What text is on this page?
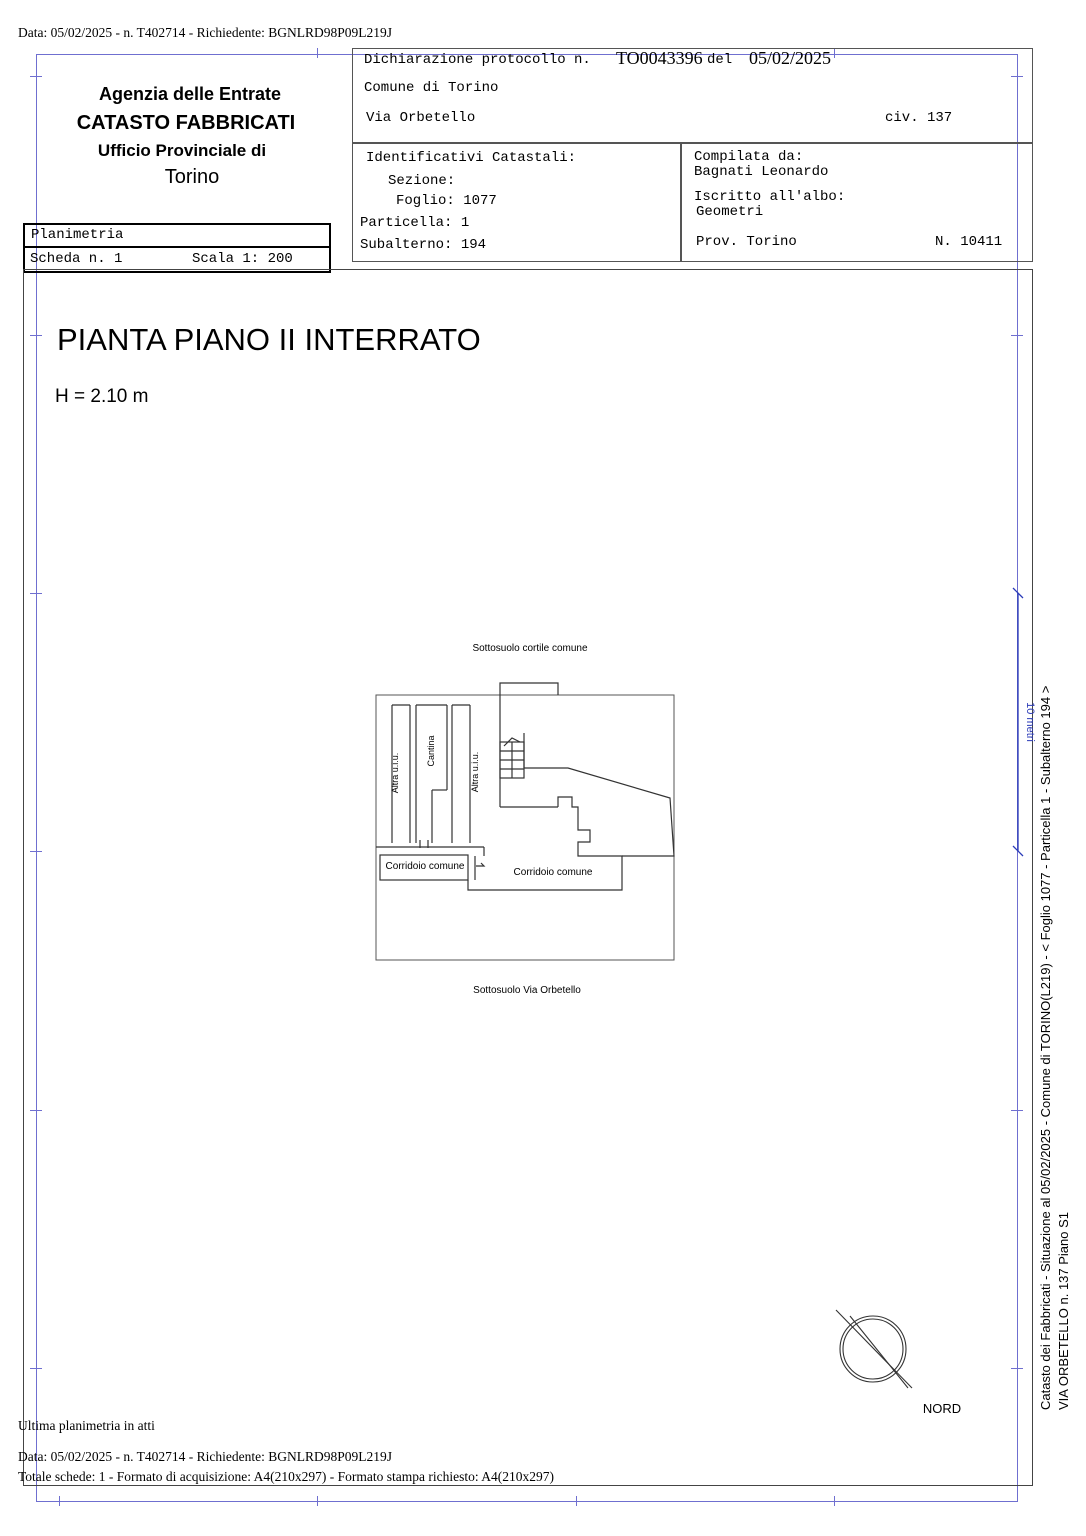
Data: 05/02/2025 - n. T402714 - Richiedente: BGNLRD98P09L219J
Agenzia delle Entrate
CATASTO FABBRICATI
Ufficio Provinciale di
Torino
Planimetria
Scheda n. 1	Scala 1: 200
Dichiarazione protocollo n. TO0043396 del 05/02/2025
Comune di Torino
Via Orbetello	civ. 137
Identificativi Catastali:
Sezione:
Foglio: 1077
Particella: 1
Subalterno: 194
Compilata da:
Bagnati Leonardo
Iscritto all'albo:
Geometri
Prov. Torino	N. 10411
PIANTA PIANO II INTERRATO
H = 2.10 m
Sottosuolo cortile comune
Sottosuolo Via Orbetello
Altra u.i.u.
Cantina
Altra u.i.u.
Corridoio comune
Corridoio comune
10 metri
NORD	Catasto dei Fabbricati - Situazione al 05/02/2025 - Comune di TORINO(L219) - < Foglio 1077 - Particella 1 - Subalterno 194 > VIA ORBETELLO n. 137 Piano S1
Ultima planimetria in atti
Data: 05/02/2025 - n. T402714 - Richiedente: BGNLRD98P09L219J
Totale schede: 1 - Formato di acquisizione: A4(210x297) - Formato stampa richiesto: A4(210x297)
